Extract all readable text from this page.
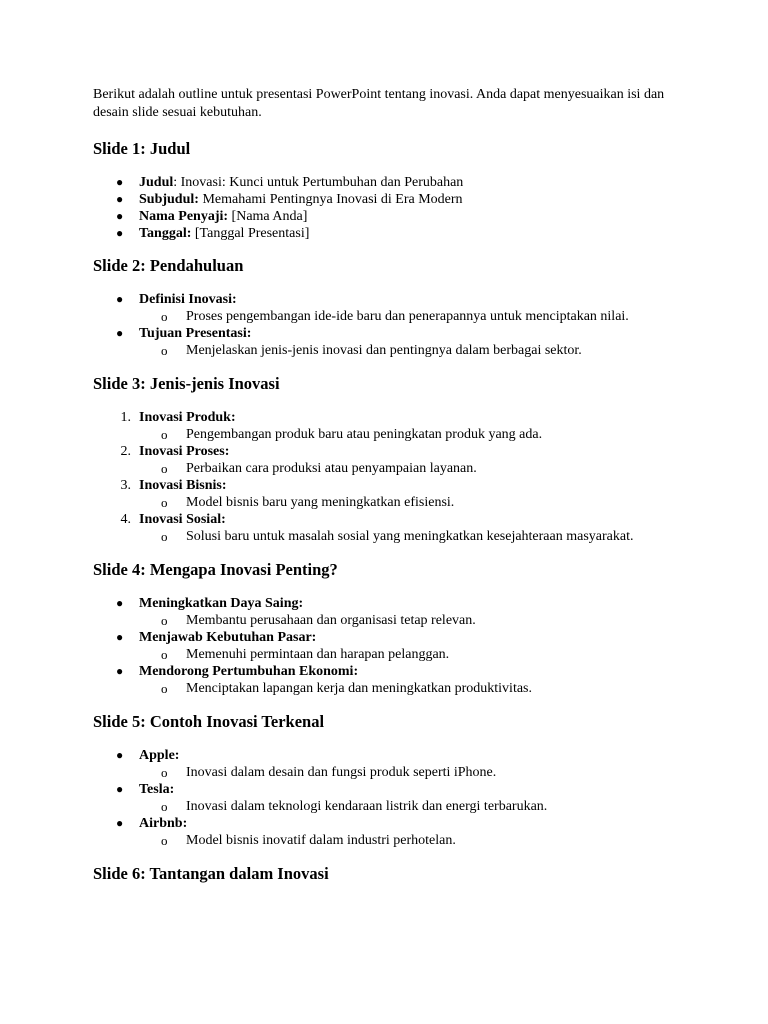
Berikut adalah outline untuk presentasi PowerPoint tentang inovasi. Anda dapat menyesuaikan isi dan desain slide sesuai kebutuhan.

Slide 1: Judul
● Judul: Inovasi: Kunci untuk Pertumbuhan dan Perubahan
● Subjudul: Memahami Pentingnya Inovasi di Era Modern
● Nama Penyaji: [Nama Anda]
● Tanggal: [Tanggal Presentasi]
Slide 2: Pendahuluan
● Definisi Inovasi:
o Proses pengembangan ide-ide baru dan penerapannya untuk menciptakan nilai.
● Tujuan Presentasi:
o Menjelaskan jenis-jenis inovasi dan pentingnya dalam berbagai sektor.
Slide 3: Jenis-jenis Inovasi
1. Inovasi Produk:
o Pengembangan produk baru atau peningkatan produk yang ada.
2. Inovasi Proses:
o Perbaikan cara produksi atau penyampaian layanan.
3. Inovasi Bisnis:
o Model bisnis baru yang meningkatkan efisiensi.
4. Inovasi Sosial:
o Solusi baru untuk masalah sosial yang meningkatkan kesejahteraan masyarakat.
Slide 4: Mengapa Inovasi Penting?
● Meningkatkan Daya Saing:
o Membantu perusahaan dan organisasi tetap relevan.
● Menjawab Kebutuhan Pasar:
o Memenuhi permintaan dan harapan pelanggan.
● Mendorong Pertumbuhan Ekonomi:
o Menciptakan lapangan kerja dan meningkatkan produktivitas.
Slide 5: Contoh Inovasi Terkenal
● Apple:
o Inovasi dalam desain dan fungsi produk seperti iPhone.
● Tesla:
o Inovasi dalam teknologi kendaraan listrik dan energi terbarukan.
● Airbnb:
o Model bisnis inovatif dalam industri perhotelan.
Slide 6: Tantangan dalam Inovasi
